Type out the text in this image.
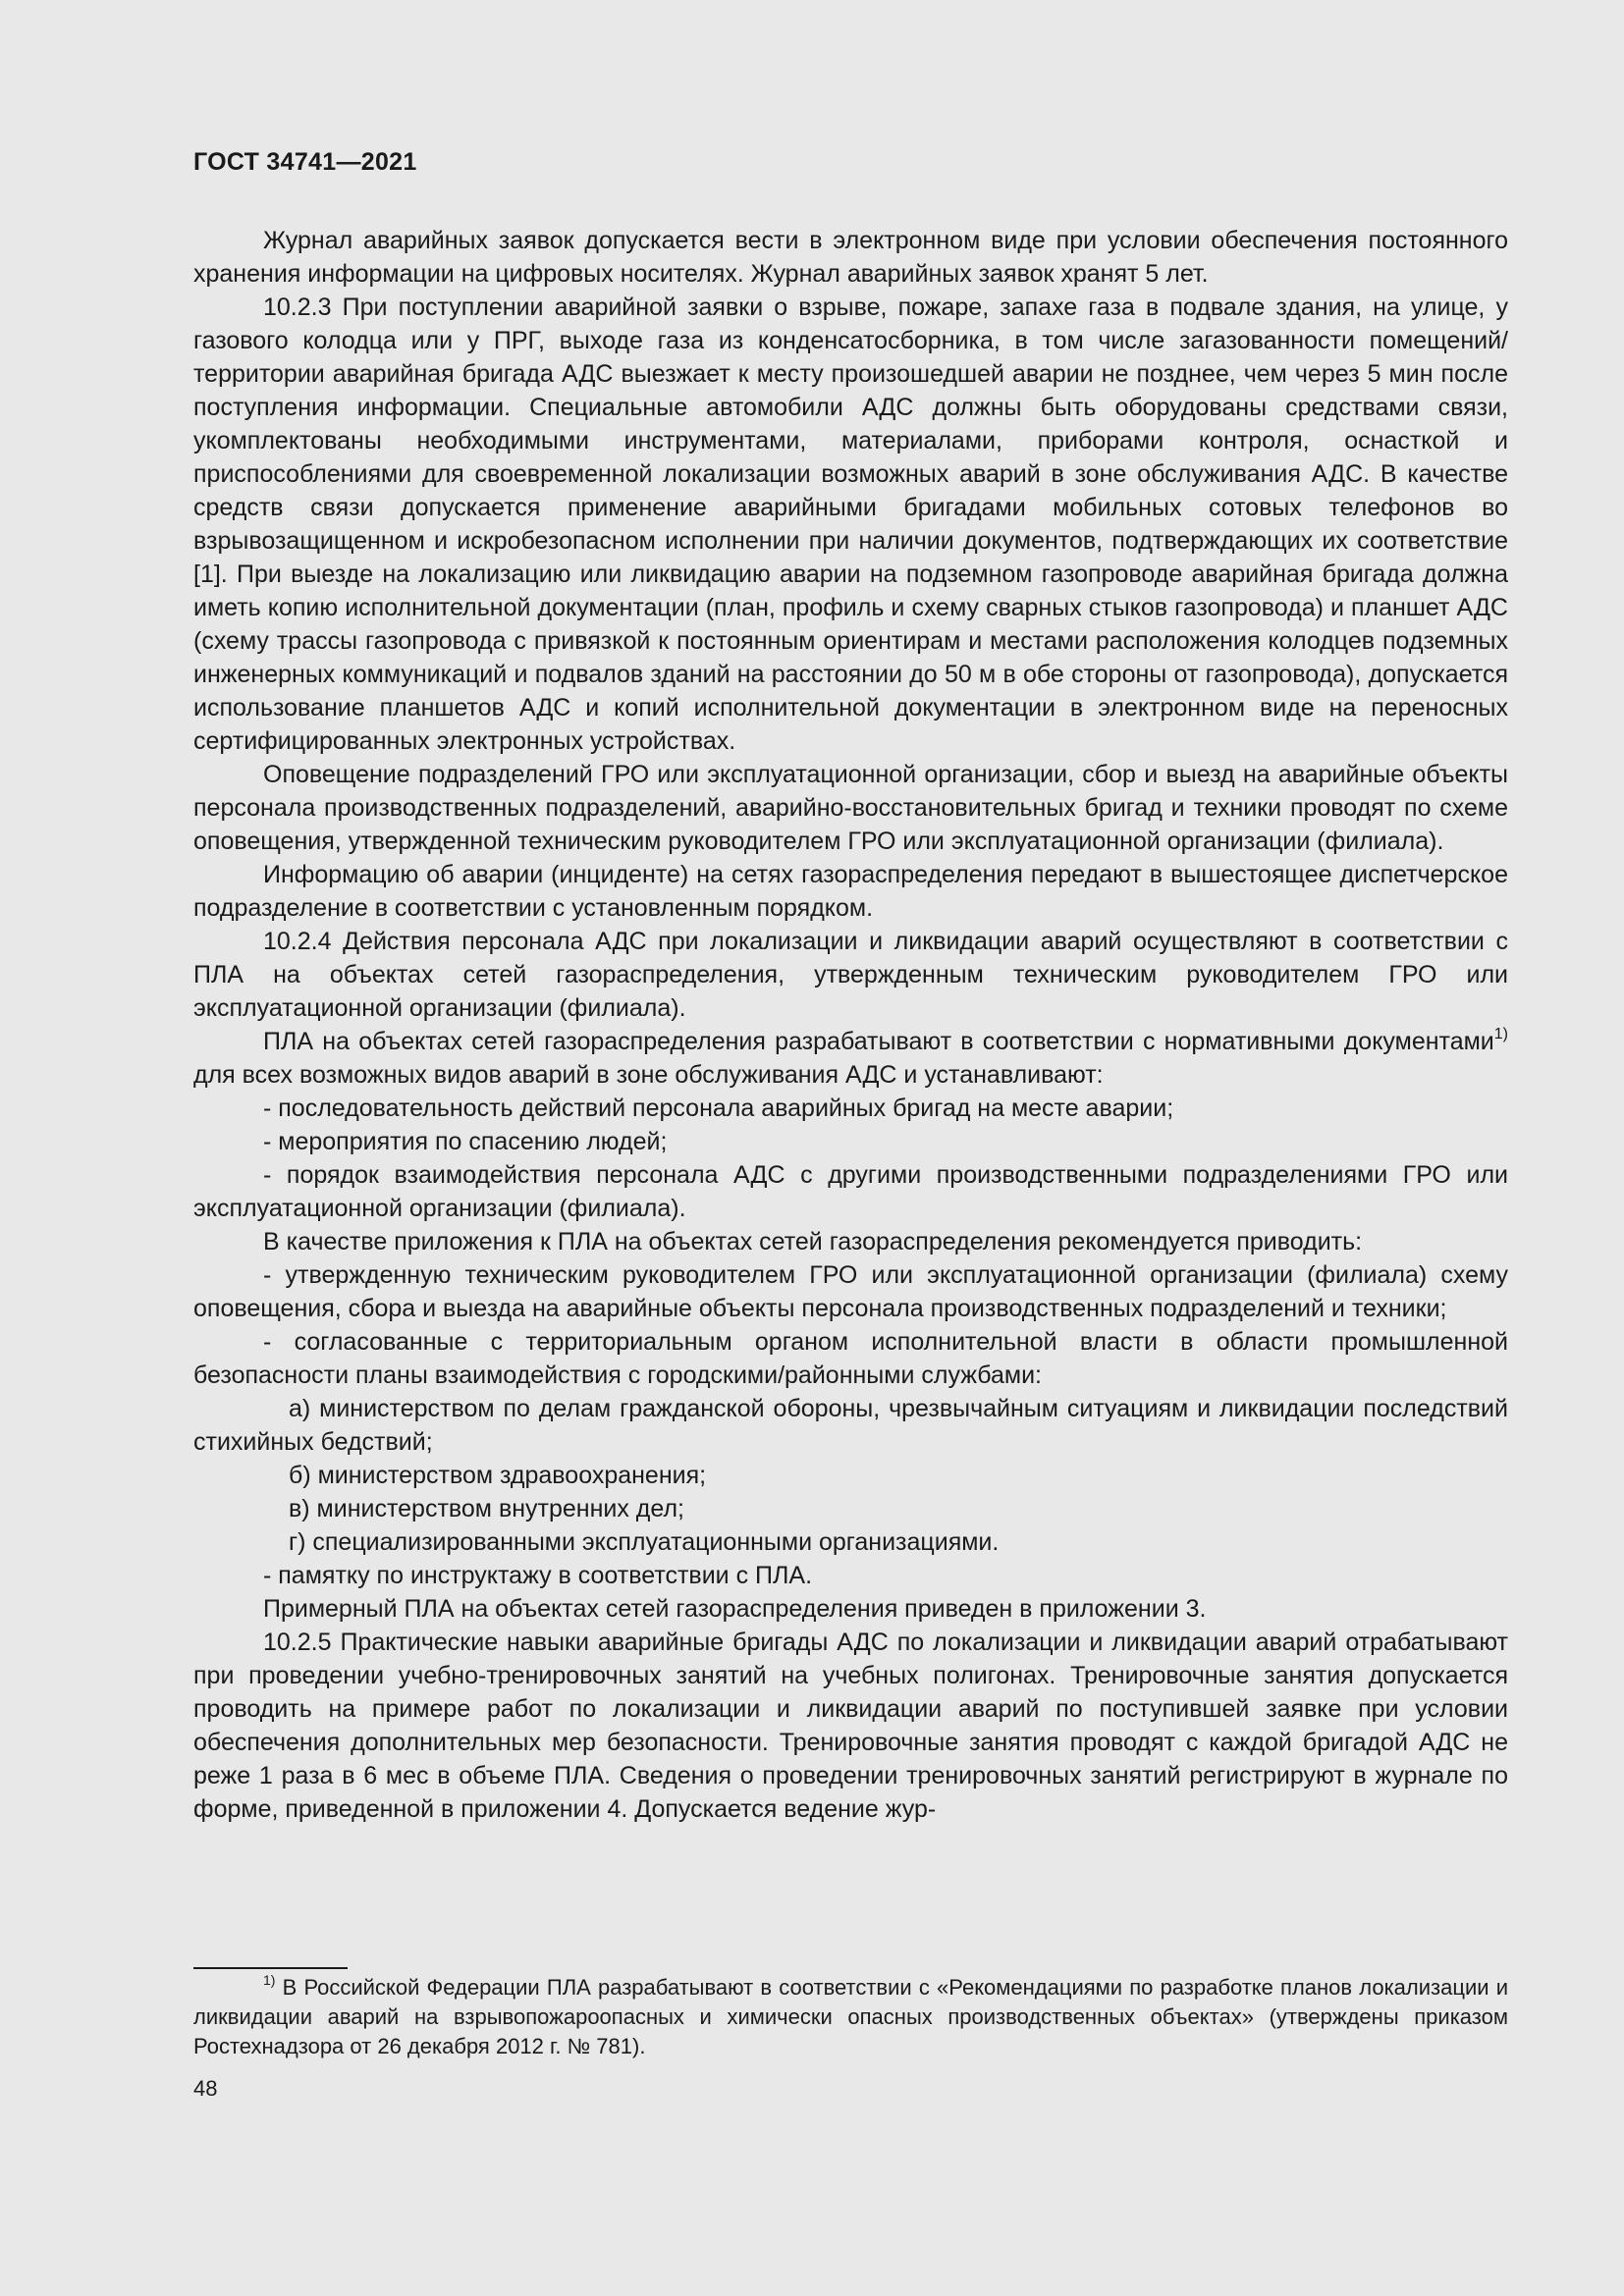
ГОСТ 34741—2021

Журнал аварийных заявок допускается вести в электронном виде при условии обеспечения постоянного хранения информации на цифровых носителях. Журнал аварийных заявок хранят 5 лет.

10.2.3 При поступлении аварийной заявки о взрыве, пожаре, запахе газа в подвале здания, на улице, у газового колодца или у ПРГ, выходе газа из конденсатосборника, в том числе загазованности помещений/территории аварийная бригада АДС выезжает к месту произошедшей аварии не позднее, чем через 5 мин после поступления информации. Специальные автомобили АДС должны быть оборудованы средствами связи, укомплектованы необходимыми инструментами, материалами, приборами контроля, оснасткой и приспособлениями для своевременной локализации возможных аварий в зоне обслуживания АДС. В качестве средств связи допускается применение аварийными бригадами мобильных сотовых телефонов во взрывозащищенном и искробезопасном исполнении при наличии документов, подтверждающих их соответствие [1]. При выезде на локализацию или ликвидацию аварии на подземном газопроводе аварийная бригада должна иметь копию исполнительной документации (план, профиль и схему сварных стыков газопровода) и планшет АДС (схему трассы газопровода с привязкой к постоянным ориентирам и местами расположения колодцев подземных инженерных коммуникаций и подвалов зданий на расстоянии до 50 м в обе стороны от газопровода), допускается использование планшетов АДС и копий исполнительной документации в электронном виде на переносных сертифицированных электронных устройствах.

Оповещение подразделений ГРО или эксплуатационной организации, сбор и выезд на аварийные объекты персонала производственных подразделений, аварийно-восстановительных бригад и техники проводят по схеме оповещения, утвержденной техническим руководителем ГРО или эксплуатационной организации (филиала).

Информацию об аварии (инциденте) на сетях газораспределения передают в вышестоящее диспетчерское подразделение в соответствии с установленным порядком.

10.2.4 Действия персонала АДС при локализации и ликвидации аварий осуществляют в соответствии с ПЛА на объектах сетей газораспределения, утвержденным техническим руководителем ГРО или эксплуатационной организации (филиала).

ПЛА на объектах сетей газораспределения разрабатывают в соответствии с нормативными документами$^{1)}$ для всех возможных видов аварий в зоне обслуживания АДС и устанавливают:

- последовательность действий персонала аварийных бригад на месте аварии;

- мероприятия по спасению людей;

- порядок взаимодействия персонала АДС с другими производственными подразделениями ГРО или эксплуатационной организации (филиала).

В качестве приложения к ПЛА на объектах сетей газораспределения рекомендуется приводить:

- утвержденную техническим руководителем ГРО или эксплуатационной организации (филиала) схему оповещения, сбора и выезда на аварийные объекты персонала производственных подразделений и техники;

- согласованные с территориальным органом исполнительной власти в области промышленной безопасности планы взаимодействия с городскими/районными службами:

а) министерством по делам гражданской обороны, чрезвычайным ситуациям и ликвидации последствий стихийных бедствий;

б) министерством здравоохранения;

в) министерством внутренних дел;

г) специализированными эксплуатационными организациями.

- памятку по инструктажу в соответствии с ПЛА.

Примерный ПЛА на объектах сетей газораспределения приведен в приложении 3.

10.2.5 Практические навыки аварийные бригады АДС по локализации и ликвидации аварий отрабатывают при проведении учебно-тренировочных занятий на учебных полигонах. Тренировочные занятия допускается проводить на примере работ по локализации и ликвидации аварий по поступившей заявке при условии обеспечения дополнительных мер безопасности. Тренировочные занятия проводят с каждой бригадой АДС не реже 1 раза в 6 мес в объеме ПЛА. Сведения о проведении тренировочных занятий регистрируют в журнале по форме, приведенной в приложении 4. Допускается ведение жур-

$^{1)}$ В Российской Федерации ПЛА разрабатывают в соответствии с «Рекомендациями по разработке планов локализации и ликвидации аварий на взрывопожароопасных и химически опасных производственных объектах» (утверждены приказом Ростехнадзора от 26 декабря 2012 г. № 781).
48
